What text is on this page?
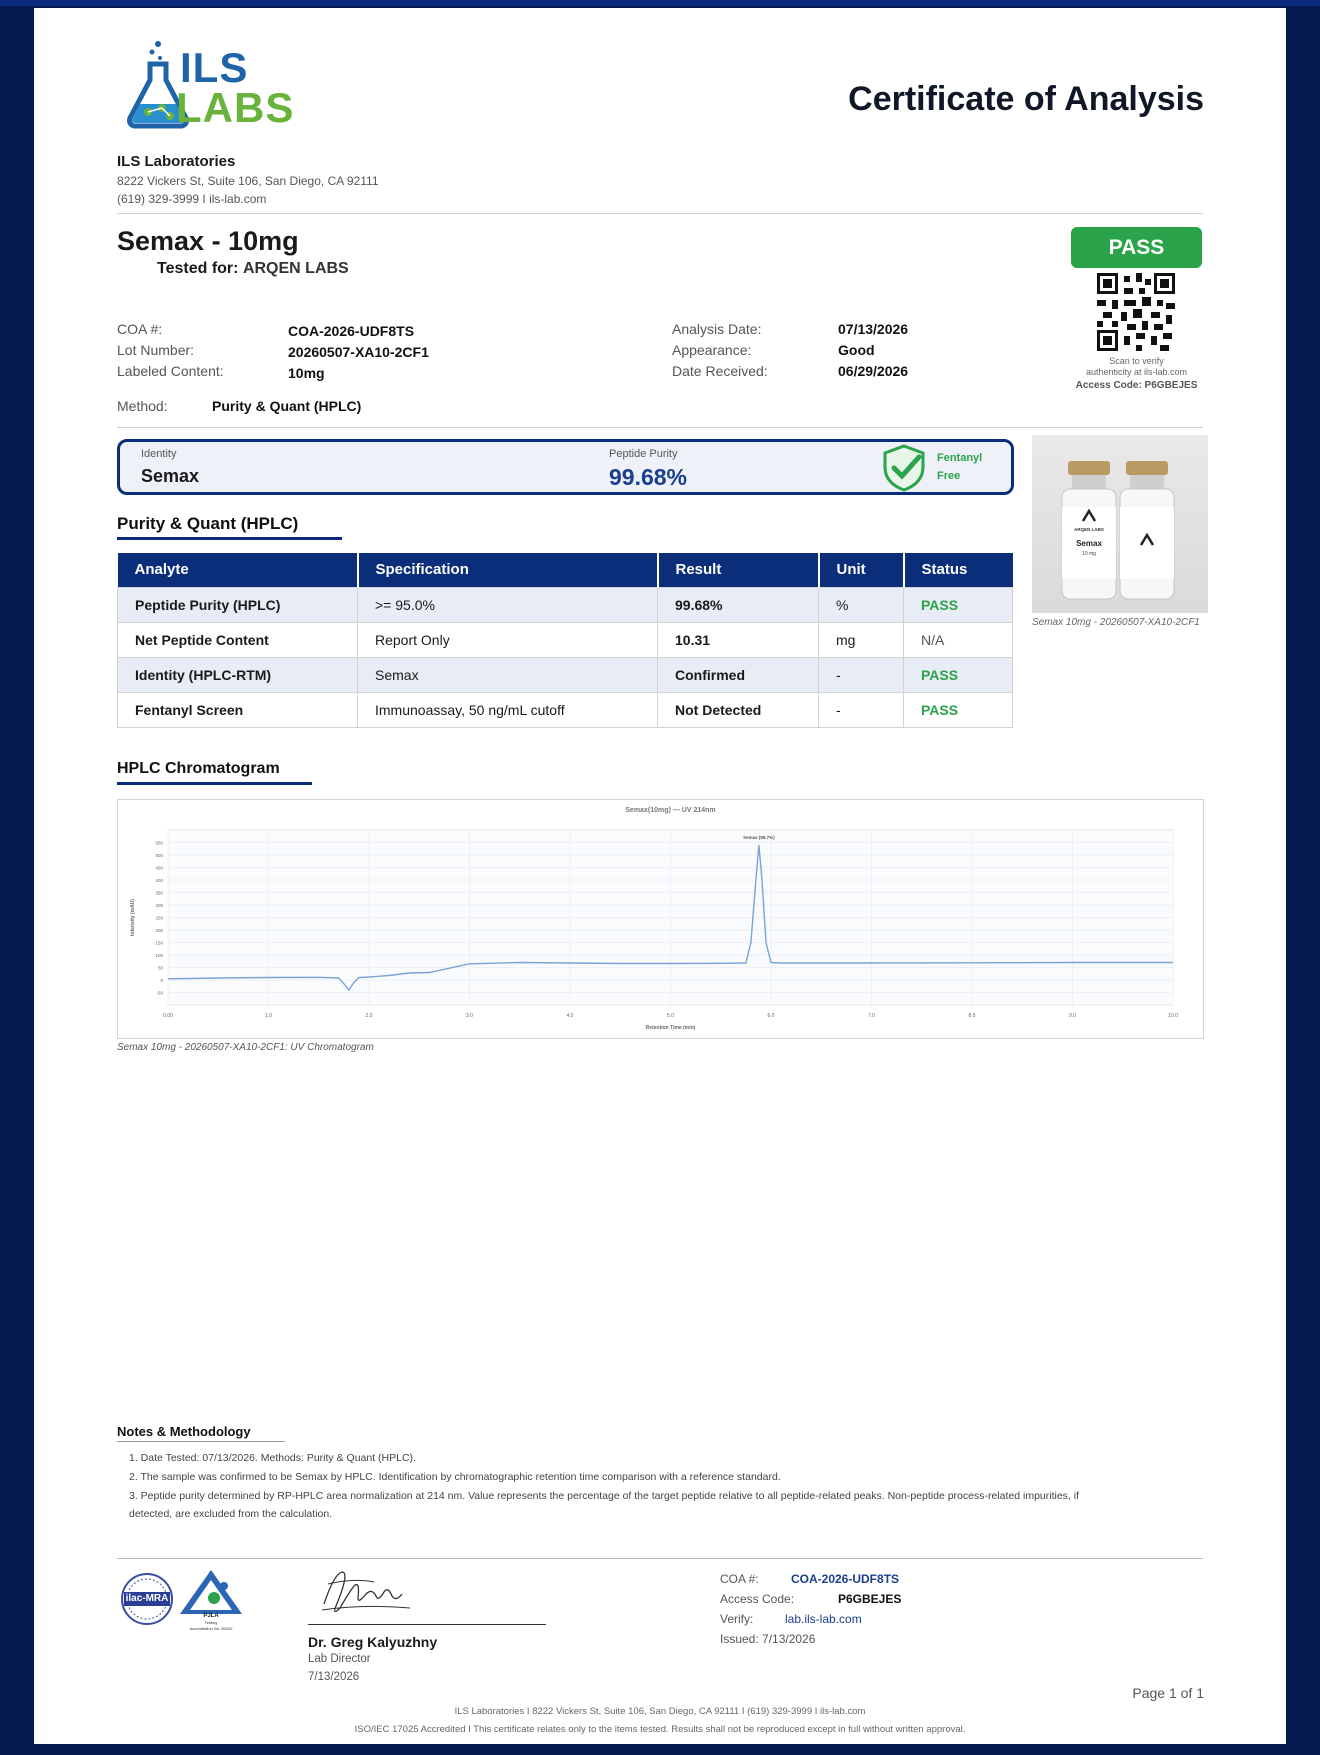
ILS
LABS	Certificate of Analysis
ILS Laboratories
8222 Vickers St, Suite 106, San Diego, CA 92111
(619) 329-3999 I ils-lab.com
Semax - 10mg
Tested for: ARQEN LABS
PASS
Scan to verify
authenticity at ils-lab.com
Access Code: P6GBEJES
COA #:	COA-2026-UDF8TS
Lot Number:	20260507-XA10-2CF1
Labeled Content:	10mg
Analysis Date:	07/13/2026
Appearance:	Good
Date Received:	06/29/2026
Method:	Purity & Quant (HPLC)
Identity
Semax
Peptide Purity
99.68%
Fentanyl
Free
ARQEN LABS
Semax
10 mg
Semax 10mg - 20260507-XA10-2CF1
Purity & Quant (HPLC)
Analyte	Specification	Result	Unit	Status
Peptide Purity (HPLC)	>= 95.0%	99.68%	%	PASS
Net Peptide Content	Report Only	10.31	mg	N/A
Identity (HPLC-RTM)	Semax	Confirmed	-	PASS
Fentanyl Screen	Immunoassay, 50 ng/mL cutoff	Not Detected	-	PASS
HPLC Chromatogram
0.00	1.0	2.0	3.0	4.0	5.0	6.0	7.0	8.0	9.0	10.0
-50
0
50
100
150
200
250
300
350
400
450
500
550
Semax(10mg) — UV 214nm
Retention Time (min)
Intensity (mAU)
Semax (99.7%)
Semax 10mg - 20260507-XA10-2CF1: UV Chromatogram
Notes & Methodology
1. Date Tested: 07/13/2026. Methods: Purity & Quant (HPLC).
2. The sample was confirmed to be Semax by HPLC. Identification by chromatographic retention time comparison with a reference standard.
3. Peptide purity determined by RP-HPLC area normalization at 214 nm. Value represents the percentage of the target peptide relative to all peptide-related peaks. Non-peptide process-related impurities, if
detected, are excluded from the calculation.
ilac-MRA
PJLA
Testing
Accreditation No. 99420
Dr. Greg Kalyuzhny
Lab Director
7/13/2026
COA #:	COA-2026-UDF8TS
Access Code:	P6GBEJES
Verify:	lab.ils-lab.com
Issued: 7/13/2026
Page 1 of 1
ILS Laboratories I 8222 Vickers St, Suite 106, San Diego, CA 92111 I (619) 329-3999 I ils-lab.com
ISO/IEC 17025 Accredited I This certificate relates only to the items tested. Results shall not be reproduced except in full without written approval.
